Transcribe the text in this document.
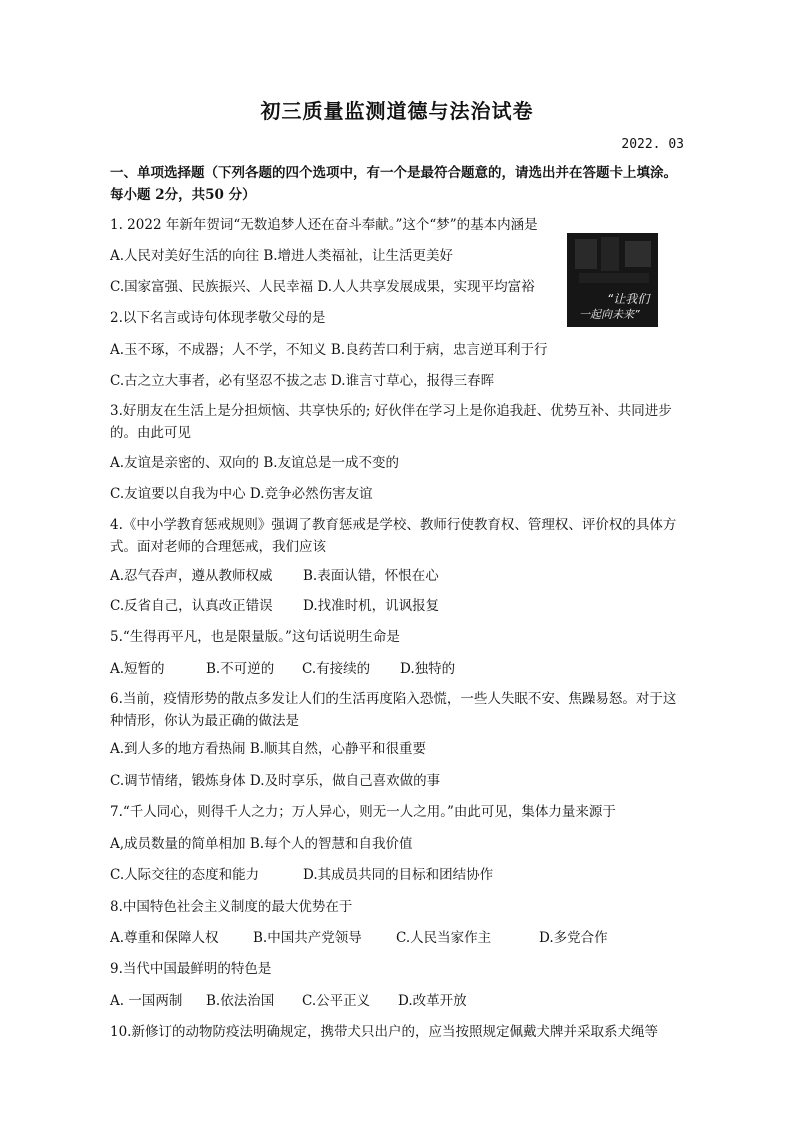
初三质量监测道德与法治试卷
2022. 03
一、单项选择题（下列各题的四个选项中，有一个是最符合题意的，请选出并在答题卡上填涂。 每小题 2分，共50 分）
1. 2022 年新年贺词“无数追梦人还在奋斗奉献。”这个“梦”的基本内涵是
A.人民对美好生活的向往 B.增进人类福祉，让生活更美好
C.国家富强、民族振兴、人民幸福 D.人人共享发展成果，实现平均富裕
“让我们
一起向未来”
2.以下名言或诗句体现孝敬父母的是
A.玉不琢，不成器；人不学，不知义 B.良药苦口利于病，忠言逆耳利于行
C.古之立大事者，必有坚忍不拔之志 D.谁言寸草心，报得三春晖
3.好朋友在生活上是分担烦恼、共享快乐的; 好伙伴在学习上是你追我赶、优势互补、共同进步的。由此可见
A.友谊是亲密的、双向的 B.友谊总是一成不变的
C.友谊要以自我为中心 D.竞争必然伤害友谊
4.《中小学教育惩戒规则》强调了教育惩戒是学校、教师行使教育权、管理权、评价权的具体方式。面对老师的合理惩戒，我们应该
A.忍气吞声，遵从教师权威	B.表面认错，怀恨在心
C.反省自己，认真改正错误	D.找准时机，讥讽报复
5.“生得再平凡，也是限量版。”这句话说明生命是
A.短暂的	B.不可逆的	C.有接续的	D.独特的
6.当前，疫情形势的散点多发让人们的生活再度陷入恐慌，一些人失眠不安、焦躁易怒。对于这种情形，你认为最正确的做法是
A.到人多的地方看热闹 B.顺其自然，心静平和很重要
C.调节情绪，锻炼身体 D.及时享乐，做自己喜欢做的事
7.“千人同心，则得千人之力；万人异心，则无一人之用。”由此可见，集体力量来源于
A,成员数量的简单相加 B.每个人的智慧和自我价值
C.人际交往的态度和能力	D.其成员共同的目标和团结协作
8.中国特色社会主义制度的最大优势在于
A.尊重和保障人权	B.中国共产党领导	C.人民当家作主	D.多党合作
9.当代中国最鲜明的特色是
A. 一国两制	B.依法治国	C.公平正义	D.改革开放
10.新修订的动物防疫法明确规定，携带犬只出户的，应当按照规定佩戴犬牌并采取系犬绳等
